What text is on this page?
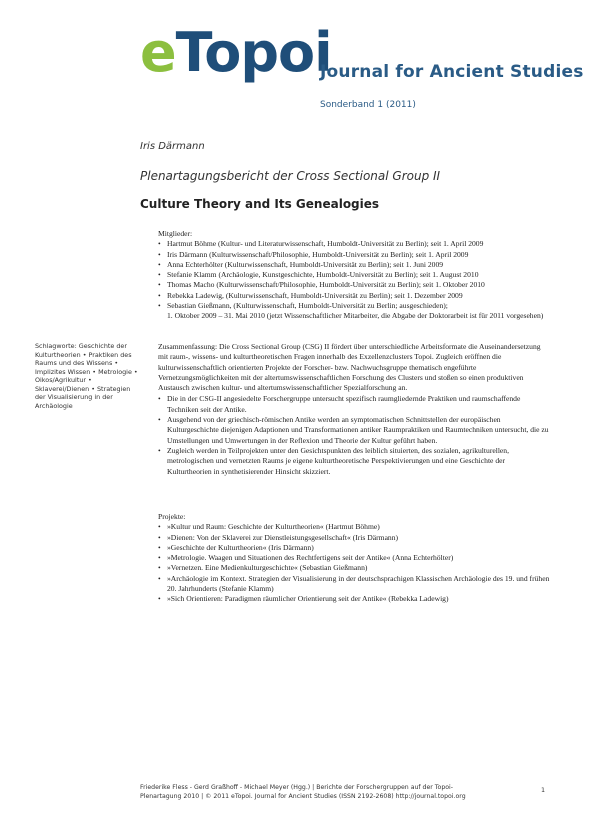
eTopoi
Journal for Ancient Studies
Sonderband 1 (2011)
Iris Därmann
Plenartagungsbericht der Cross Sectional Group II
Culture Theory and Its Genealogies
Mitglieder:
• Hartmut Böhme (Kultur- und Literaturwissenschaft, Humboldt-Universität zu Berlin); seit 1. April 2009
• Iris Därmann (Kulturwissenschaft/Philosophie, Humboldt-Universität zu Berlin); seit 1. April 2009
• Anna Echterhölter (Kulturwissenschaft, Humboldt-Universität zu Berlin); seit 1. Juni 2009
• Stefanie Klamm (Archäologie, Kunstgeschichte, Humboldt-Universität zu Berlin); seit 1. August 2010
• Thomas Macho (Kulturwissenschaft/Philosophie, Humboldt-Universität zu Berlin); seit 1. Oktober 2010
• Rebekka Ladewig, (Kulturwissenschaft, Humboldt-Universität zu Berlin); seit 1. Dezember 2009
• Sebastian Gießmann, (Kulturwissenschaft, Humboldt-Universität zu Berlin; ausgeschieden);
1. Oktober 2009 – 31. Mai 2010 (jetzt Wissenschaftlicher Mitarbeiter, die Abgabe der Doktorarbeit ist für 2011 vorgesehen)
Schlagworte: Geschichte der Kulturtheorien • Praktiken des Raums und des Wissens • Implizites Wissen • Metrologie • Oikos/Agrikultur • Sklaverei/Dienen • Strategien der Visualisierung in der Archäologie

Zusammenfassung: Die Cross Sectional Group (CSG) II fördert über unterschiedliche Arbeitsformate die Auseinandersetzung mit raum-, wissens- und kulturtheoretischen Fragen innerhalb des Exzellenzclusters Topoi. Zugleich eröffnen die kulturwissenschaftlich orientierten Projekte der Forscher- bzw. Nachwuchsgruppe thematisch engeführte Vernetzungsmöglichkeiten mit der altertumswissenschaftlichen Forschung des Clusters und stoßen so einen produktiven Austausch zwischen kultur- und altertumswissenschaftlicher Spezialforschung an.

• Die in der CSG-II angesiedelte Forschergruppe untersucht spezifisch raumgliedernde Praktiken und raumschaffende Techniken seit der Antike.
• Ausgehend von der griechisch-römischen Antike werden an symptomatischen Schnittstellen der europäischen Kulturgeschichte diejenigen Adaptionen und Transformationen antiker Raumpraktiken und Raumtechniken untersucht, die zu Umstellungen und Umwertungen in der Reflexion und Theorie der Kultur geführt haben.
• Zugleich werden in Teilprojekten unter den Gesichtspunkten des leiblich situierten, des sozialen, agrikulturellen, metrologischen und vernetzten Raums je eigene kulturtheoretische Perspektivierungen und eine Geschichte der Kulturtheorien in synthetisierender Hinsicht skizziert.
Projekte:
• »Kultur und Raum: Geschichte der Kulturtheorien« (Hartmut Böhme)
• »Dienen: Von der Sklaverei zur Dienstleistungsgesellschaft« (Iris Därmann)
• »Geschichte der Kulturtheorien« (Iris Därmann)
• »Metrologie. Waagen und Situationen des Rechtfertigens seit der Antike« (Anna Echterhölter)
• »Vernetzen. Eine Medienkulturgeschichte« (Sebastian Gießmann)
• »Archäologie im Kontext. Strategien der Visualisierung in der deutschsprachigen Klassischen Archäologie des 19. und frühen 20. Jahrhunderts (Stefanie Klamm)
• »Sich Orientieren: Paradigmen räumlicher Orientierung seit der Antike« (Rebekka Ladewig)
Friederike Fless - Gerd Graßhoff - Michael Meyer (Hgg.) | Berichte der Forschergruppen auf der Topoi-
Plenartagung 2010 | © 2011 eTopoi. Journal for Ancient Studies (ISSN 2192-2608) http://journal.topoi.org
1
